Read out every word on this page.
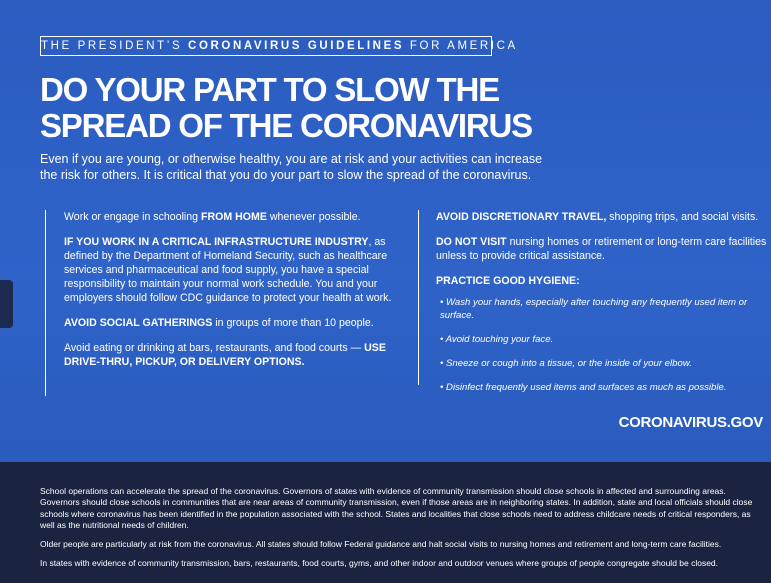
THE PRESIDENT’S CORONAVIRUS GUIDELINES FOR AMERICA
DO YOUR PART TO SLOW THE
SPREAD OF THE CORONAVIRUS
Even if you are young, or otherwise healthy, you are at risk and your activities can increase the risk for others. It is critical that you do your part to slow the spread of the coronavirus.

Work or engage in schooling FROM HOME whenever possible.

IF YOU WORK IN A CRITICAL INFRASTRUCTURE INDUSTRY, as defined by the Department of Homeland Security, such as healthcare services and pharmaceutical and food supply, you have a special responsibility to maintain your normal work schedule. You and your employers should follow CDC guidance to protect your health at work.

AVOID SOCIAL GATHERINGS in groups of more than 10 people.

Avoid eating or drinking at bars, restaurants, and food courts — USE DRIVE-THRU, PICKUP, OR DELIVERY OPTIONS.

AVOID DISCRETIONARY TRAVEL, shopping trips, and social visits.

DO NOT VISIT nursing homes or retirement or long-term care facilities unless to provide critical assistance.

PRACTICE GOOD HYGIENE:

• Wash your hands, especially after touching any frequently used item or surface.

• Avoid touching your face.

• Sneeze or cough into a tissue, or the inside of your elbow.

• Disinfect frequently used items and surfaces as much as possible.

CORONAVIRUS.GOV

School operations can accelerate the spread of the coronavirus. Governors of states with evidence of community transmission should close schools in affected and surrounding areas. Governors should close schools in communities that are near areas of community transmission, even if those areas are in neighboring states. In addition, state and local officials should close schools where coronavirus has been identified in the population associated with the school. States and localities that close schools need to address childcare needs of critical responders, as well as the nutritional needs of children.

Older people are particularly at risk from the coronavirus. All states should follow Federal guidance and halt social visits to nursing homes and retirement and long-term care facilities.

In states with evidence of community transmission, bars, restaurants, food courts, gyms, and other indoor and outdoor venues where groups of people congregate should be closed.
